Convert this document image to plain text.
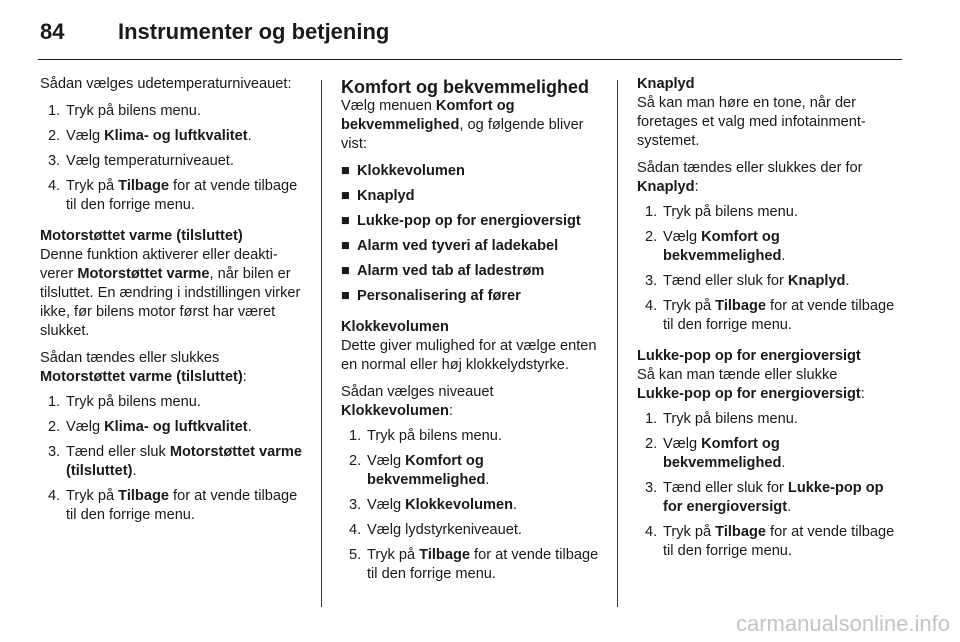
84 Instrumenter og betjening

Sådan vælges udetemperaturniveauet:

1. Tryk på bilens menu.
2. Vælg Klima- og luftkvalitet.
3. Vælg temperaturniveauet.
4. Tryk på Tilbage for at vende tilbage til den forrige menu.

Motorstøttet varme (tilsluttet)

Denne funktion aktiverer eller deaktiverer Motorstøttet varme, når bilen er tilsluttet. En ændring i indstillingen virker ikke, før bilens motor først har været slukket.

Sådan tændes eller slukkes
Motorstøttet varme (tilsluttet):

1. Tryk på bilens menu.
2. Vælg Klima- og luftkvalitet.
3. Tænd eller sluk Motorstøttet varme (tilsluttet).
4. Tryk på Tilbage for at vende tilbage til den forrige menu.

Komfort og bekvemmelighed

Vælg menuen Komfort og bekvemmelighed, og følgende bliver vist:

■ Klokkevolumen
■ Knaplyd
■ Lukke-pop op for energioversigt
■ Alarm ved tyveri af ladekabel
■ Alarm ved tab af ladestrøm
■ Personalisering af fører

Klokkevolumen

Dette giver mulighed for at vælge enten en normal eller høj klokkelydstyrke.

Sådan vælges niveauet
Klokkevolumen:

1. Tryk på bilens menu.
2. Vælg Komfort og bekvemmelighed.
3. Vælg Klokkevolumen.
4. Vælg lydstyrkeniveauet.
5. Tryk på Tilbage for at vende tilbage til den forrige menu.

Knaplyd

Så kan man høre en tone, når der foretages et valg med infotainmentsystemet.

Sådan tændes eller slukkes der for
Knaplyd:

1. Tryk på bilens menu.
2. Vælg Komfort og bekvemmelighed.
3. Tænd eller sluk for Knaplyd.
4. Tryk på Tilbage for at vende tilbage til den forrige menu.

Lukke-pop op for energioversigt

Så kan man tænde eller slukke
Lukke-pop op for energioversigt:

1. Tryk på bilens menu.
2. Vælg Komfort og bekvemmelighed.
3. Tænd eller sluk for Lukke-pop op for energioversigt.
4. Tryk på Tilbage for at vende tilbage til den forrige menu.
carmanualsonline.info
